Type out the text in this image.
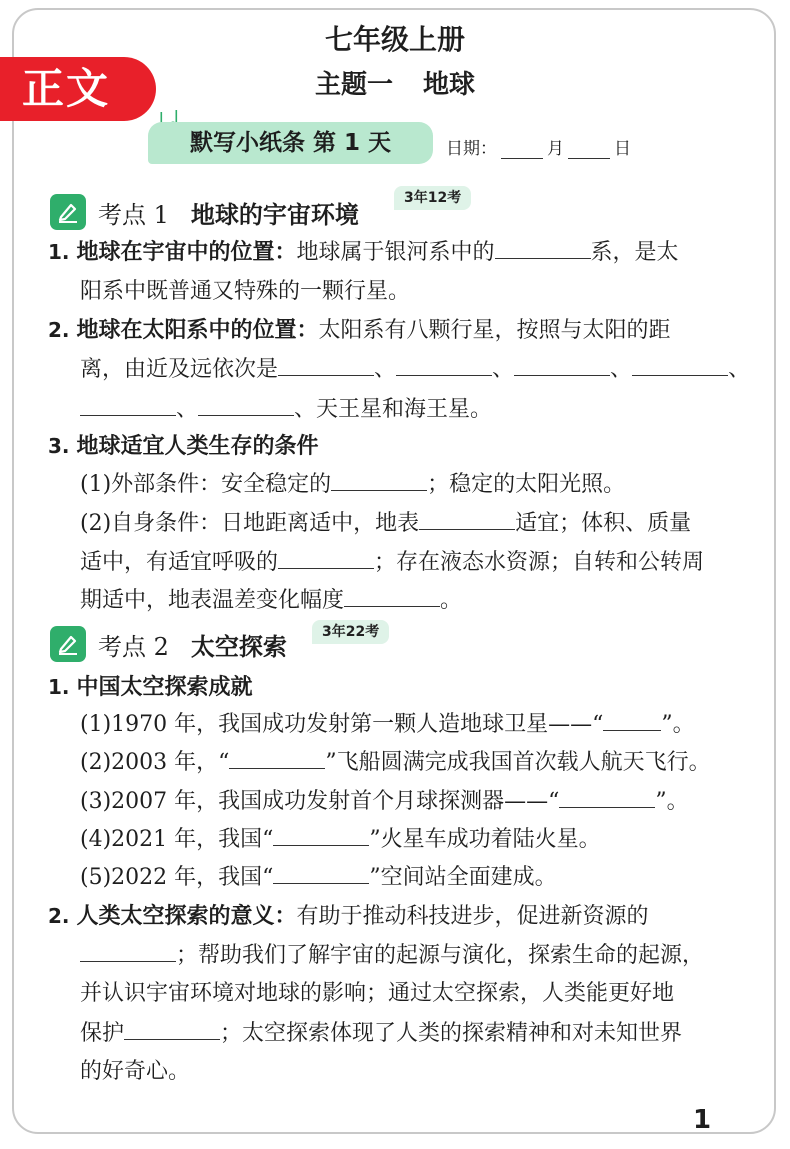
正文
七年级上册
主题一 地球
默写小纸条 第 1 天	日期：	月	日
考点 1 地球的宇宙环境
3年12考
1. 地球在宇宙中的位置：地球属于银河系中的	系，是太
阳系中既普通又特殊的一颗行星。
2. 地球在太阳系中的位置：太阳系有八颗行星，按照与太阳的距
离，由近及远依次是	、	、	、	、
、	、天王星和海王星。
3. 地球适宜人类生存的条件
(1)外部条件：安全稳定的	；稳定的太阳光照。
(2)自身条件：日地距离适中，地表	适宜；体积、质量
适中，有适宜呼吸的	；存在液态水资源；自转和公转周
期适中，地表温差变化幅度	。
考点 2 太空探索	3年22考
1. 中国太空探索成就
(1)1970 年，我国成功发射第一颗人造地球卫星——“	”。
(2)2003 年，“	”飞船圆满完成我国首次载人航天飞行。
(3)2007 年，我国成功发射首个月球探测器——“	”。
(4)2021 年，我国“	”火星车成功着陆火星。
(5)2022 年，我国“	”空间站全面建成。
2. 人类太空探索的意义：有助于推动科技进步，促进新资源的
；帮助我们了解宇宙的起源与演化，探索生命的起源，
并认识宇宙环境对地球的影响；通过太空探索，人类能更好地
保护	；太空探索体现了人类的探索精神和对未知世界
的好奇心。
1
